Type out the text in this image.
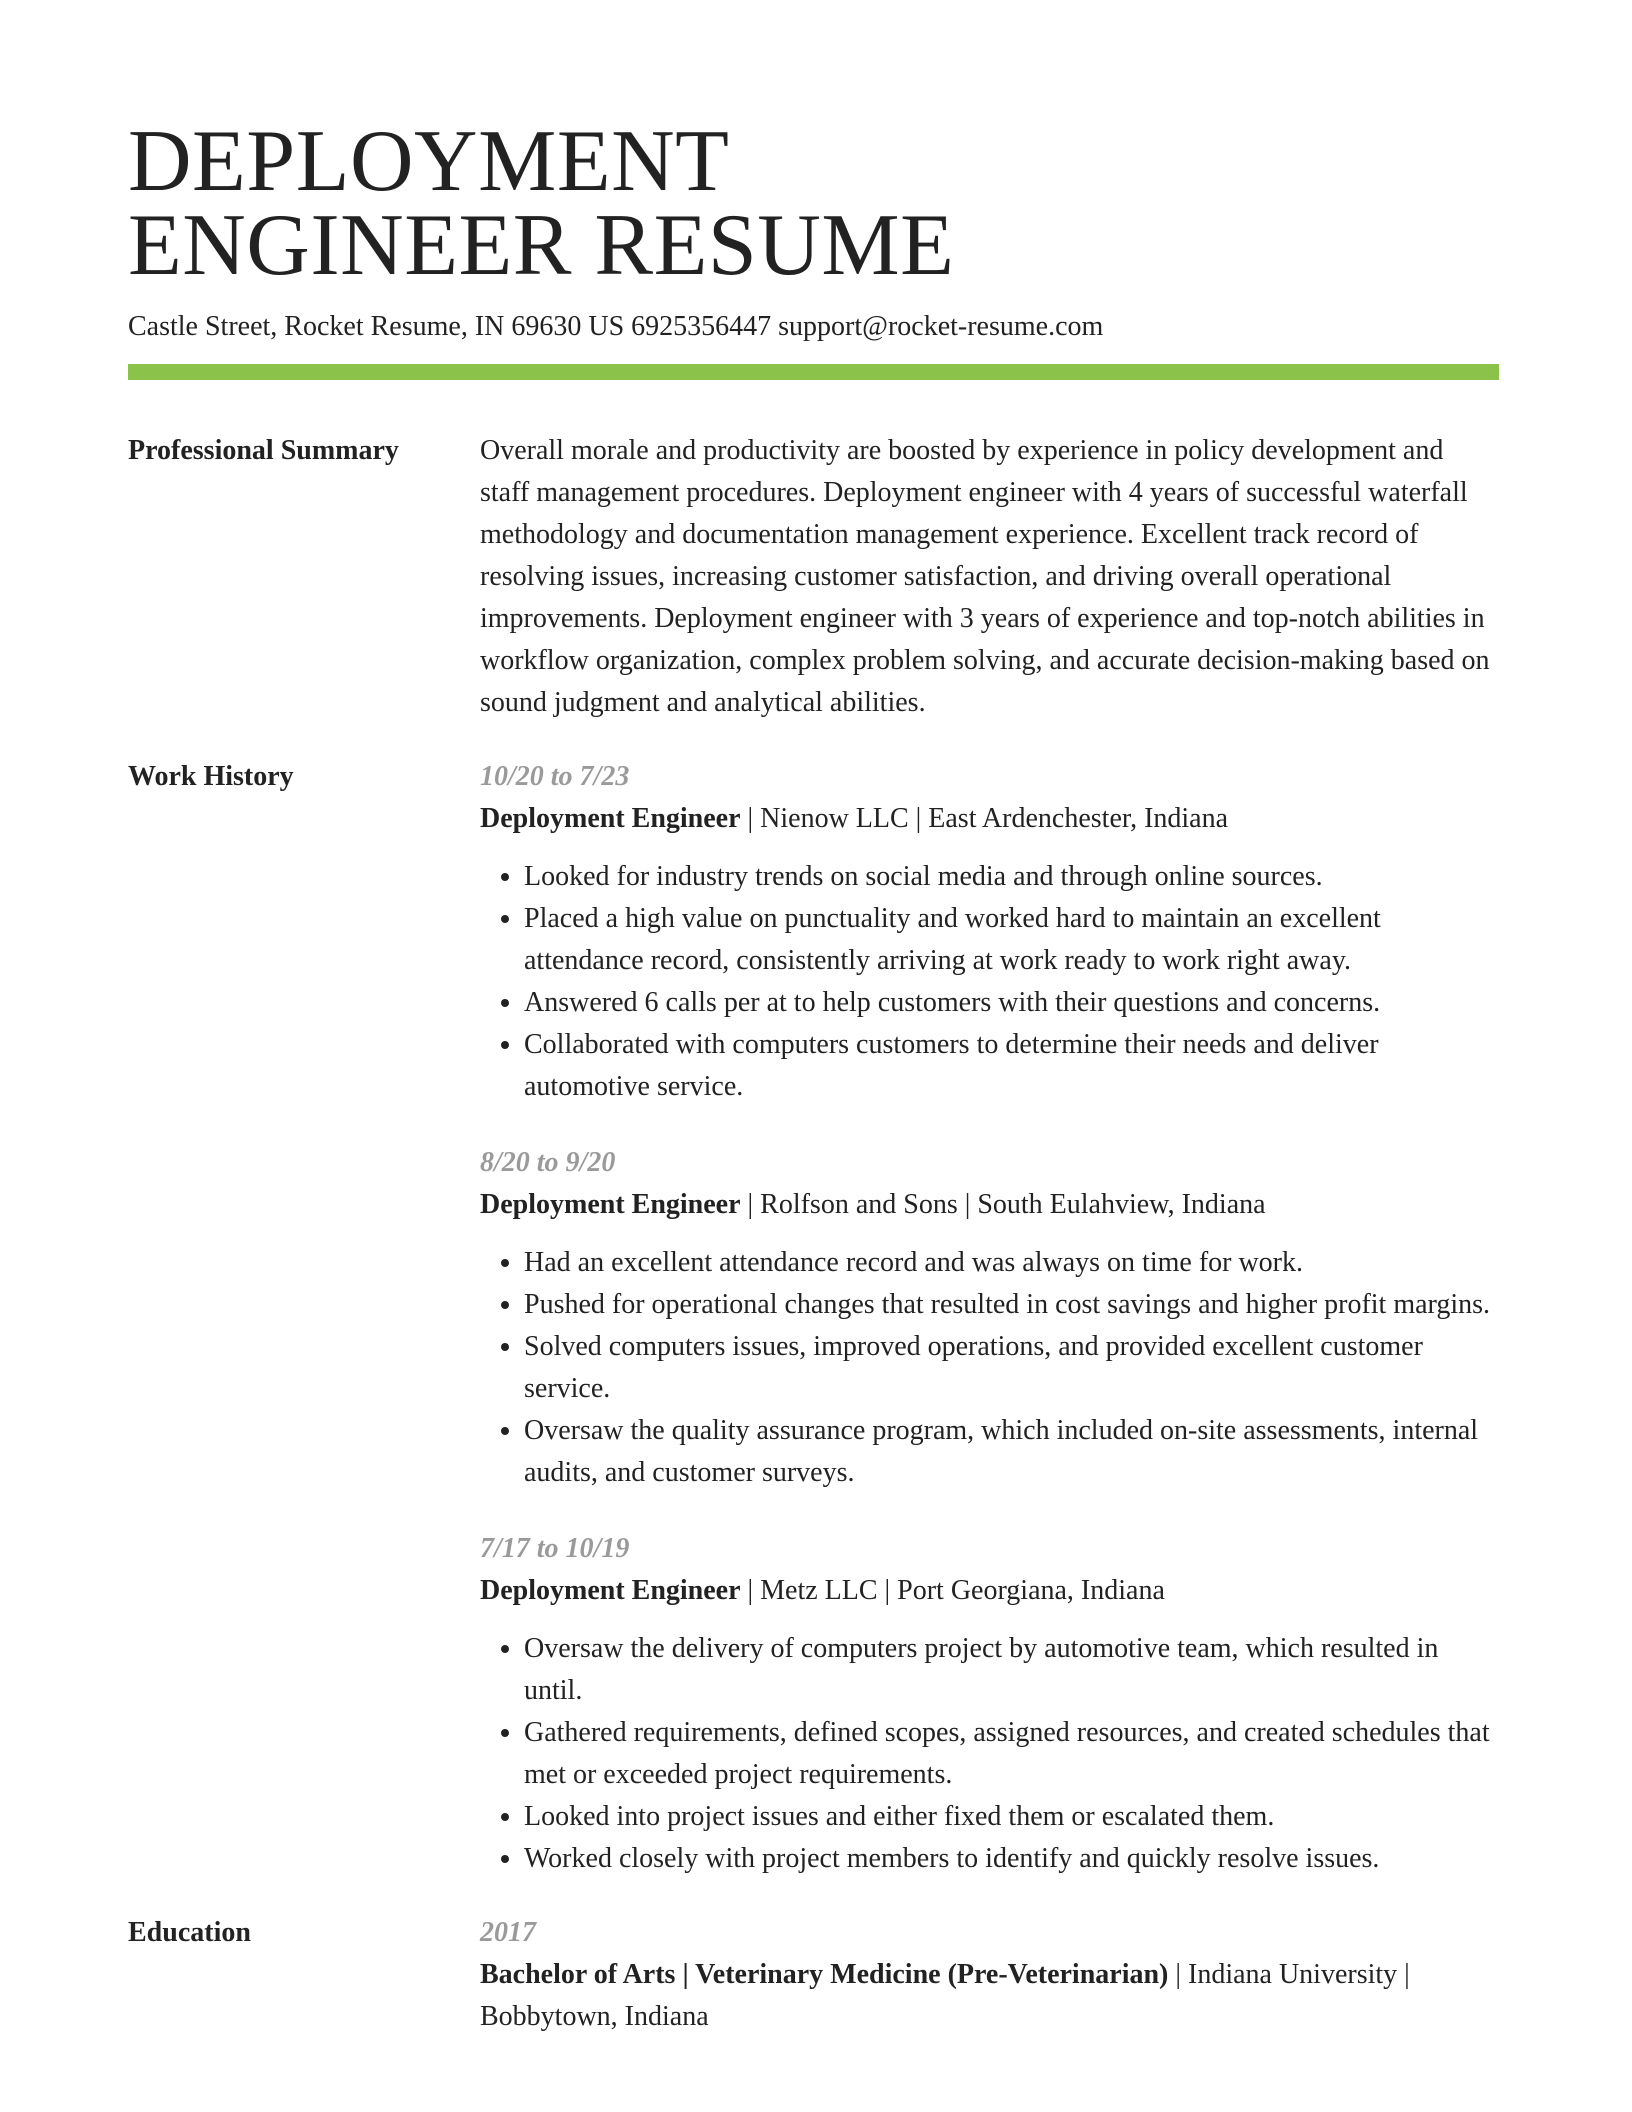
DEPLOYMENT
ENGINEER RESUME
Castle Street, Rocket Resume, IN 69630 US 6925356447 support@rocket-resume.com
Professional Summary	Overall morale and productivity are boosted by experience in policy development and staff management procedures. Deployment engineer with 4 years of successful waterfall methodology and documentation management experience. Excellent track record of resolving issues, increasing customer satisfaction, and driving overall operational improvements. Deployment engineer with 3 years of experience and top-notch abilities in workflow organization, complex problem solving, and accurate decision-making based on sound judgment and analytical abilities.
Work History	10/20 to 7/23
Deployment Engineer | Nienow LLC | East Ardenchester, Indiana
• Looked for industry trends on social media and through online sources.
• Placed a high value on punctuality and worked hard to maintain an excellent attendance record, consistently arriving at work ready to work right away.
• Answered 6 calls per at to help customers with their questions and concerns.
• Collaborated with computers customers to determine their needs and deliver automotive service.
8/20 to 9/20
Deployment Engineer | Rolfson and Sons | South Eulahview, Indiana
• Had an excellent attendance record and was always on time for work.
• Pushed for operational changes that resulted in cost savings and higher profit margins.
• Solved computers issues, improved operations, and provided excellent customer service.
• Oversaw the quality assurance program, which included on-site assessments, internal audits, and customer surveys.
7/17 to 10/19
Deployment Engineer | Metz LLC | Port Georgiana, Indiana
• Oversaw the delivery of computers project by automotive team, which resulted in until.
• Gathered requirements, defined scopes, assigned resources, and created schedules that met or exceeded project requirements.
• Looked into project issues and either fixed them or escalated them.
• Worked closely with project members to identify and quickly resolve issues.
Education	2017
Bachelor of Arts | Veterinary Medicine (Pre-Veterinarian) | Indiana University | Bobbytown, Indiana
